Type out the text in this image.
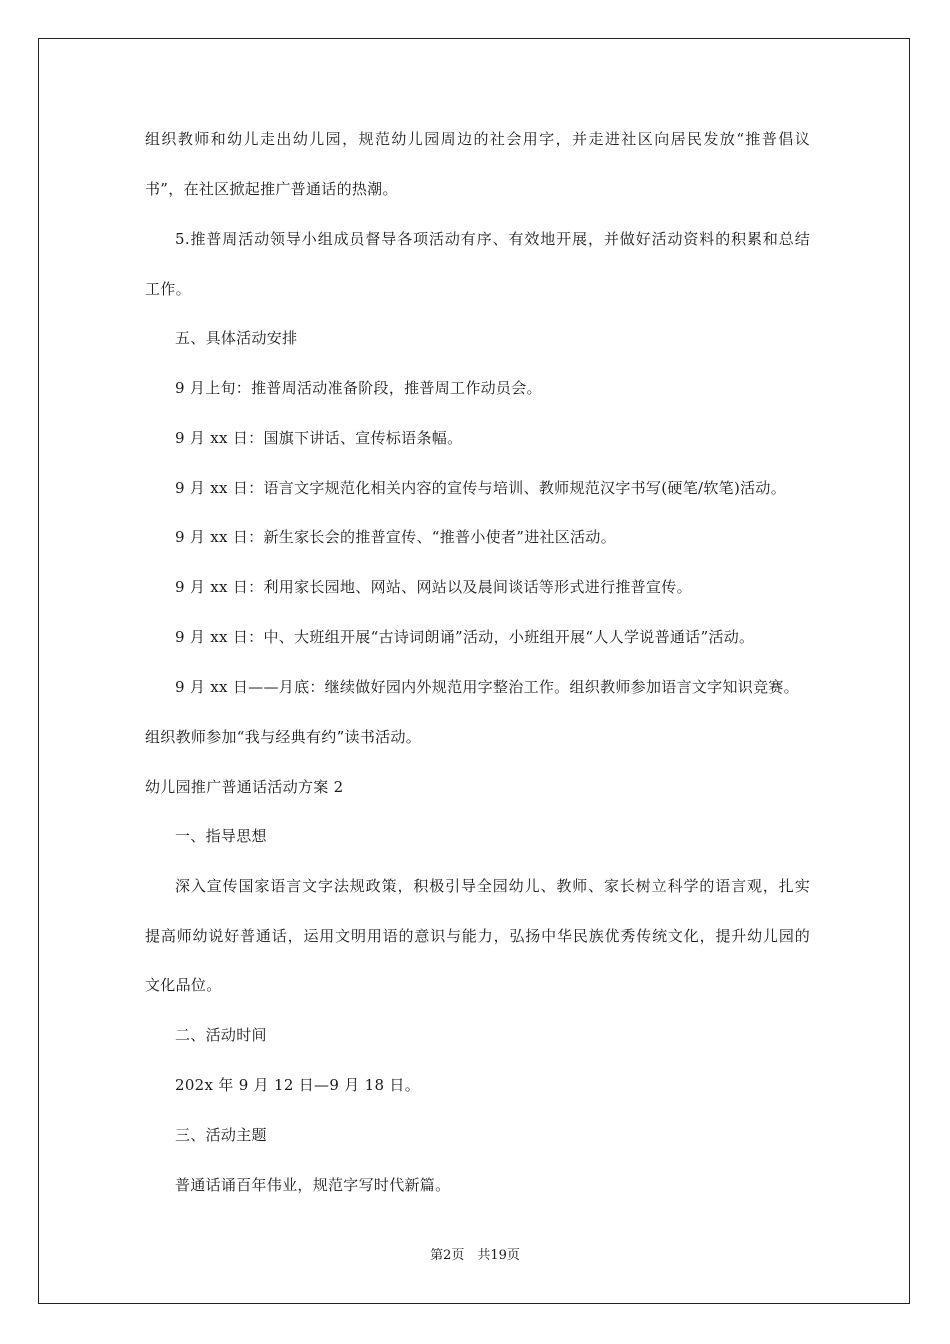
组织教师和幼儿走出幼儿园，规范幼儿园周边的社会用字，并走进社区向居民发放“推普倡议
书”，在社区掀起推广普通话的热潮。
5.推普周活动领导小组成员督导各项活动有序、有效地开展，并做好活动资料的积累和总结
工作。
五、具体活动安排
9 月上旬：推普周活动准备阶段，推普周工作动员会。
9 月 xx 日：国旗下讲话、宣传标语条幅。
9 月 xx 日：语言文字规范化相关内容的宣传与培训、教师规范汉字书写(硬笔/软笔)活动。
9 月 xx 日：新生家长会的推普宣传、“推普小使者”进社区活动。
9 月 xx 日：利用家长园地、网站、网站以及晨间谈话等形式进行推普宣传。
9 月 xx 日：中、大班组开展“古诗词朗诵”活动，小班组开展“人人学说普通话”活动。
9 月 xx 日——月底：继续做好园内外规范用字整治工作。组织教师参加语言文字知识竞赛。
组织教师参加“我与经典有约”读书活动。
幼儿园推广普通话活动方案 2
一、指导思想
深入宣传国家语言文字法规政策，积极引导全园幼儿、教师、家长树立科学的语言观，扎实
提高师幼说好普通话，运用文明用语的意识与能力，弘扬中华民族优秀传统文化，提升幼儿园的
文化品位。
二、活动时间
202x 年 9 月 12 日—9 月 18 日。
三、活动主题
普通话诵百年伟业，规范字写时代新篇。
第2页　共19页
